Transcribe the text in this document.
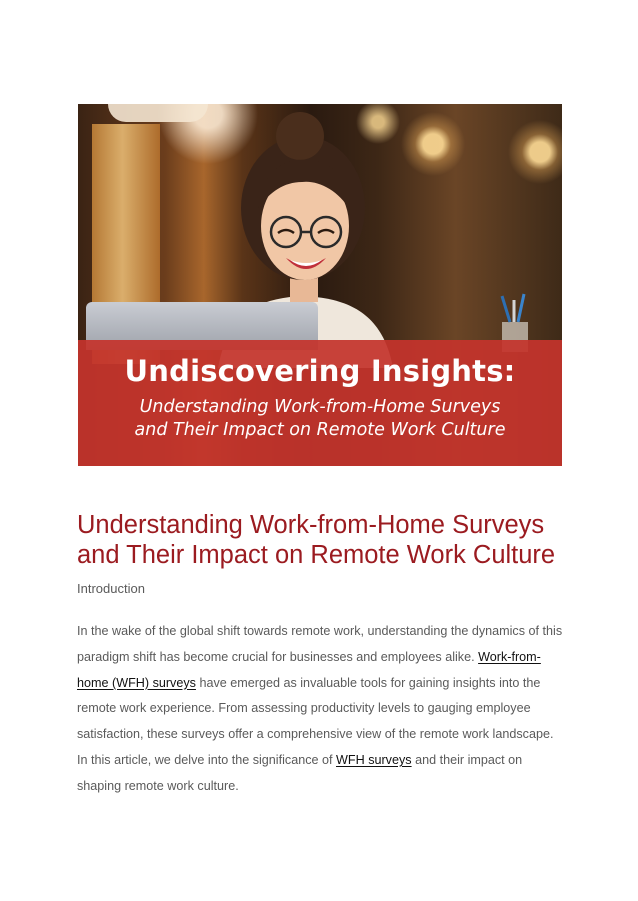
Undiscovering Insights:
Understanding Work-from-Home Surveys
and Their Impact on Remote Work Culture
Understanding Work-from-Home Surveys
and Their Impact on Remote Work Culture
Introduction

In the wake of the global shift towards remote work, understanding the dynamics of this paradigm shift has become crucial for businesses and employees alike. Work-from-home (WFH) surveys have emerged as invaluable tools for gaining insights into the remote work experience. From assessing productivity levels to gauging employee satisfaction, these surveys offer a comprehensive view of the remote work landscape. In this article, we delve into the significance of WFH surveys and their impact on shaping remote work culture.
